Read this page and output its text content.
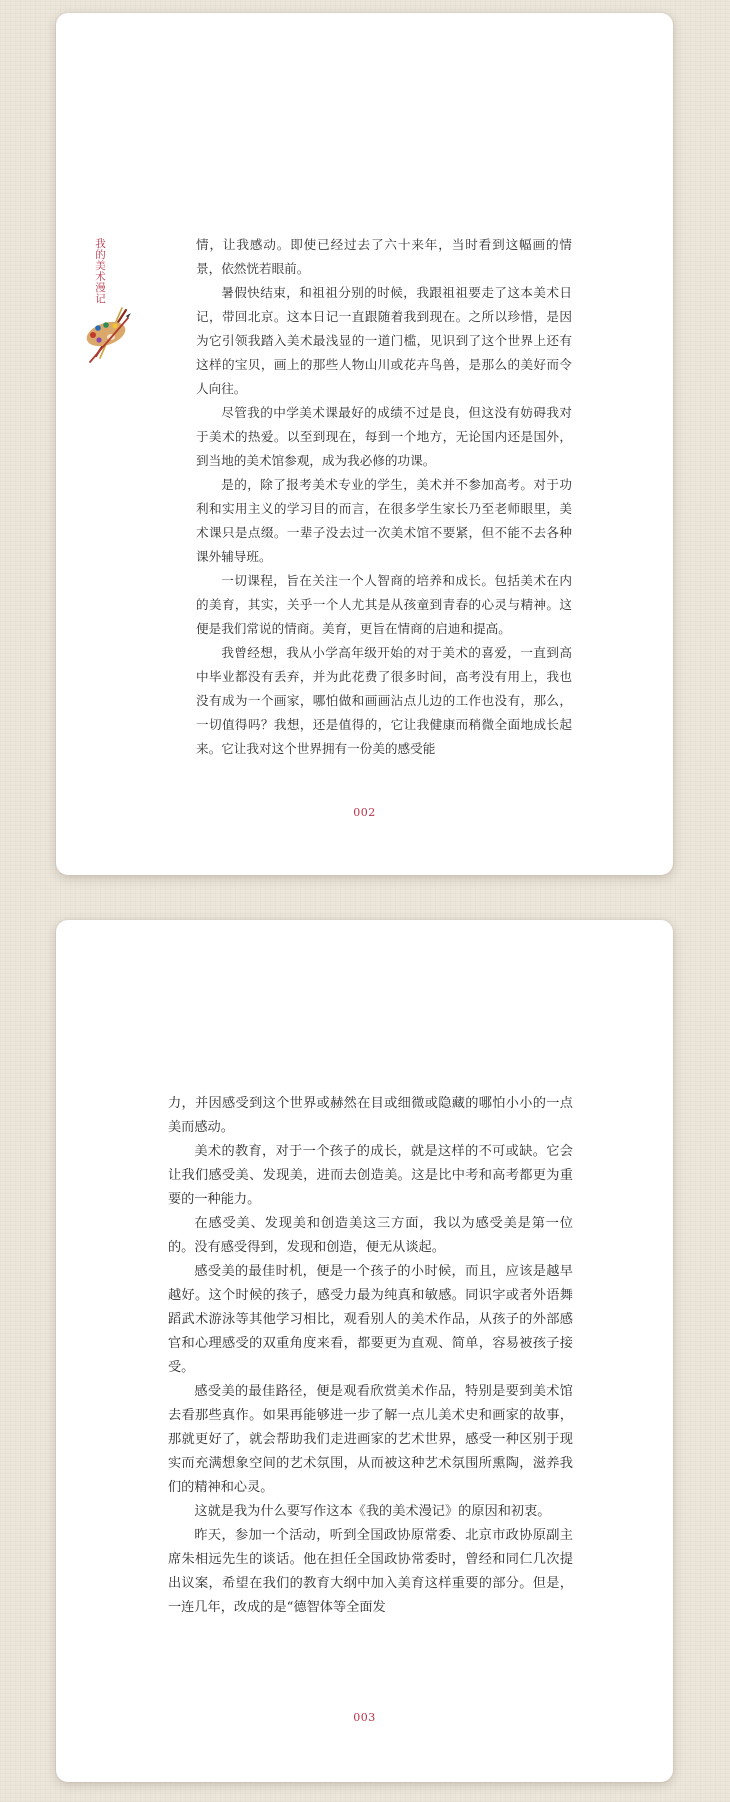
我的美术漫记	情，让我感动。即使已经过去了六十来年，当时看到这幅画的情景，依然恍若眼前。

暑假快结束，和祖祖分别的时候，我跟祖祖要走了这本美术日记，带回北京。这本日记一直跟随着我到现在。之所以珍惜，是因为它引领我踏入美术最浅显的一道门槛，见识到了这个世界上还有这样的宝贝，画上的那些人物山川或花卉鸟兽，是那么的美好而令人向往。

尽管我的中学美术课最好的成绩不过是良，但这没有妨碍我对于美术的热爱。以至到现在，每到一个地方，无论国内还是国外，到当地的美术馆参观，成为我必修的功课。

是的，除了报考美术专业的学生，美术并不参加高考。对于功利和实用主义的学习目的而言，在很多学生家长乃至老师眼里，美术课只是点缀。一辈子没去过一次美术馆不要紧，但不能不去各种课外辅导班。

一切课程，旨在关注一个人智商的培养和成长。包括美术在内的美育，其实，关乎一个人尤其是从孩童到青春的心灵与精神。这便是我们常说的情商。美育，更旨在情商的启迪和提高。

我曾经想，我从小学高年级开始的对于美术的喜爱，一直到高中毕业都没有丢弃，并为此花费了很多时间，高考没有用上，我也没有成为一个画家，哪怕做和画画沾点儿边的工作也没有，那么，一切值得吗？我想，还是值得的，它让我健康而稍微全面地成长起来。它让我对这个世界拥有一份美的感受能

002

力，并因感受到这个世界或赫然在目或细微或隐藏的哪怕小小的一点美而感动。

美术的教育，对于一个孩子的成长，就是这样的不可或缺。它会让我们感受美、发现美，进而去创造美。这是比中考和高考都更为重要的一种能力。

在感受美、发现美和创造美这三方面，我以为感受美是第一位的。没有感受得到，发现和创造，便无从谈起。

感受美的最佳时机，便是一个孩子的小时候，而且，应该是越早越好。这个时候的孩子，感受力最为纯真和敏感。同识字或者外语舞蹈武术游泳等其他学习相比，观看别人的美术作品，从孩子的外部感官和心理感受的双重角度来看，都要更为直观、简单，容易被孩子接受。

感受美的最佳路径，便是观看欣赏美术作品，特别是要到美术馆去看那些真作。如果再能够进一步了解一点儿美术史和画家的故事，那就更好了，就会帮助我们走进画家的艺术世界，感受一种区别于现实而充满想象空间的艺术氛围，从而被这种艺术氛围所熏陶，滋养我们的精神和心灵。

这就是我为什么要写作这本《我的美术漫记》的原因和初衷。

昨天，参加一个活动，听到全国政协原常委、北京市政协原副主席朱相远先生的谈话。他在担任全国政协常委时，曾经和同仁几次提出议案，希望在我们的教育大纲中加入美育这样重要的部分。但是，一连几年，改成的是“德智体等全面发

003
